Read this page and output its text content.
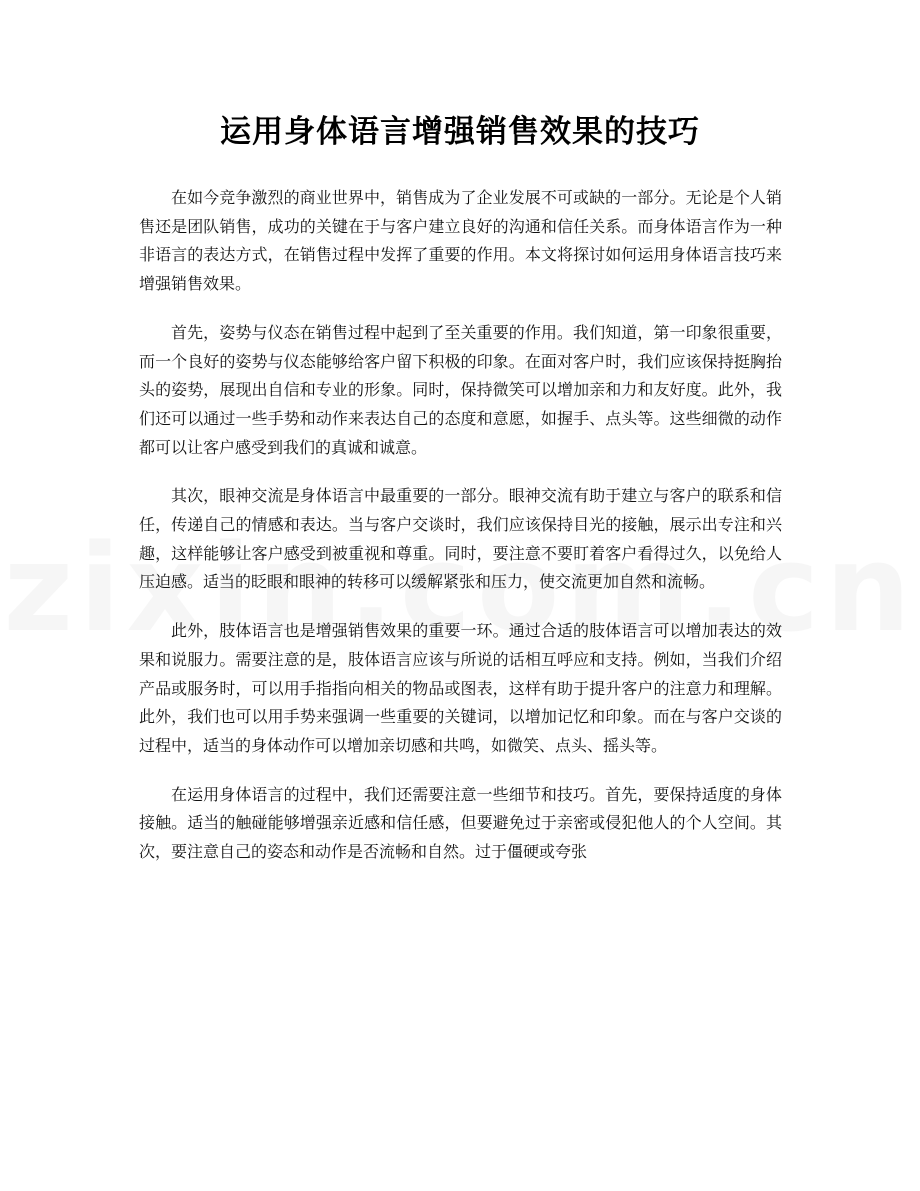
运用身体语言增强销售效果的技巧

在如今竞争激烈的商业世界中，销售成为了企业发展不可或缺的一部分。无论是个人销售还是团队销售，成功的关键在于与客户建立良好的沟通和信任关系。而身体语言作为一种非语言的表达方式，在销售过程中发挥了重要的作用。本文将探讨如何运用身体语言技巧来增强销售效果。

首先，姿势与仪态在销售过程中起到了至关重要的作用。我们知道，第一印象很重要，而一个良好的姿势与仪态能够给客户留下积极的印象。在面对客户时，我们应该保持挺胸抬头的姿势，展现出自信和专业的形象。同时，保持微笑可以增加亲和力和友好度。此外，我们还可以通过一些手势和动作来表达自己的态度和意愿，如握手、点头等。这些细微的动作都可以让客户感受到我们的真诚和诚意。

其次，眼神交流是身体语言中最重要的一部分。眼神交流有助于建立与客户的联系和信任，传递自己的情感和表达。当与客户交谈时，我们应该保持目光的接触，展示出专注和兴趣，这样能够让客户感受到被重视和尊重。同时，要注意不要盯着客户看得过久，以免给人压迫感。适当的眨眼和眼神的转移可以缓解紧张和压力，使交流更加自然和流畅。

此外，肢体语言也是增强销售效果的重要一环。通过合适的肢体语言可以增加表达的效果和说服力。需要注意的是，肢体语言应该与所说的话相互呼应和支持。例如，当我们介绍产品或服务时，可以用手指指向相关的物品或图表，这样有助于提升客户的注意力和理解。此外，我们也可以用手势来强调一些重要的关键词，以增加记忆和印象。而在与客户交谈的过程中，适当的身体动作可以增加亲切感和共鸣，如微笑、点头、摇头等。

在运用身体语言的过程中，我们还需要注意一些细节和技巧。首先，要保持适度的身体接触。适当的触碰能够增强亲近感和信任感，但要避免过于亲密或侵犯他人的个人空间。其次，要注意自己的姿态和动作是否流畅和自然。过于僵硬或夸张
